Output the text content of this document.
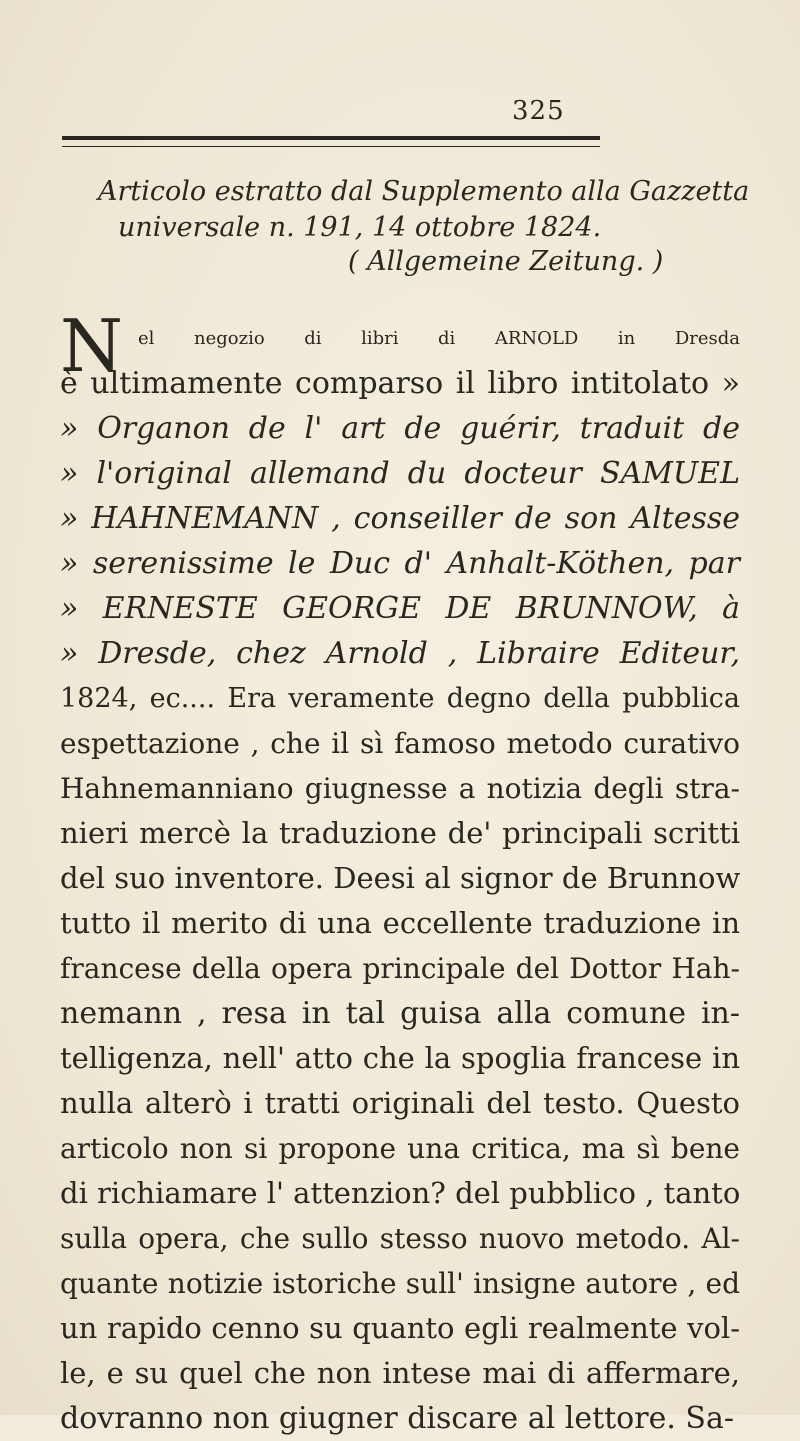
325
Articolo estratto dal Supplemento alla Gazzetta
universale n. 191, 14 ottobre 1824.
( Allgemeine Zeitung. )
N el negozio di libri di ARNOLD in Dresda
è ultimamente comparso il libro intitolato »
» Organon de l' art de guérir, traduit de
» l'original allemand du docteur SAMUEL
» HAHNEMANN , conseiller de son Altesse
» serenissime le Duc d' Anhalt-Köthen, par
» ERNESTE GEORGE DE BRUNNOW, à
» Dresde, chez Arnold , Libraire Editeur,
1824, ec.... Era veramente degno della pubblica
espettazione , che il sì famoso metodo curativo
Hahnemanniano giugnesse a notizia degli stra-
nieri mercè la traduzione de' principali scritti
del suo inventore. Deesi al signor de Brunnow
tutto il merito di una eccellente traduzione in
francese della opera principale del Dottor Hah-
nemann , resa in tal guisa alla comune in-
telligenza, nell' atto che la spoglia francese in
nulla alterò i tratti originali del testo. Questo
articolo non si propone una critica, ma sì bene
di richiamare l' attenzion? del pubblico , tanto
sulla opera, che sullo stesso nuovo metodo. Al-
quante notizie istoriche sull' insigne autore , ed
un rapido cenno su quanto egli realmente vol-
le, e su quel che non intese mai di affermare,
dovranno non giugner discare al lettore. Sa-
